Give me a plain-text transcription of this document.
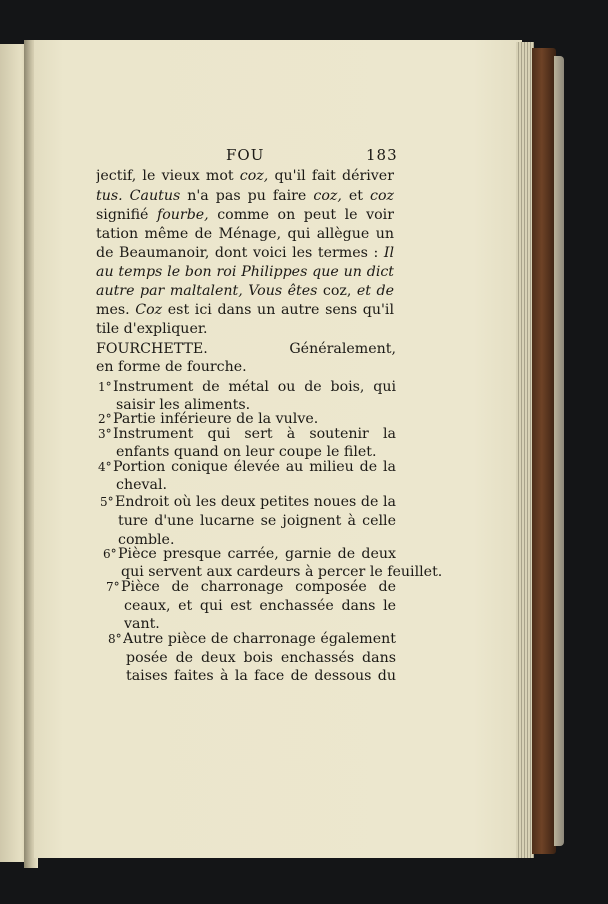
FOU	183
jectif, le vieux mot coz, qu'il fait dériver
tus. Cautus n'a pas pu faire coz, et coz
signifié fourbe, comme on peut le voir
tation même de Ménage, qui allègue un
de Beaumanoir, dont voici les termes : Il
au temps le bon roi Philippes que un dict
autre par maltalent, Vous êtes coz, et de
mes. Coz est ici dans un autre sens qu'il
tile d'expliquer.
FOURCHETTE.	Généralement,
en forme de fourche.
1° Instrument de métal ou de bois, qui
saisir les aliments.
2° Partie inférieure de la vulve.
3° Instrument qui sert à soutenir la
enfants quand on leur coupe le filet.
4° Portion conique élevée au milieu de la
cheval.
5° Endroit où les deux petites noues de la
ture d'une lucarne se joignent à celle
comble.
6° Pièce presque carrée, garnie de deux
qui servent aux cardeurs à percer le feuillet.
7° Pièce de charronage composée de
ceaux, et qui est enchassée dans le
vant.
8° Autre pièce de charronage également
posée de deux bois enchassés dans
taises faites à la face de dessous du
